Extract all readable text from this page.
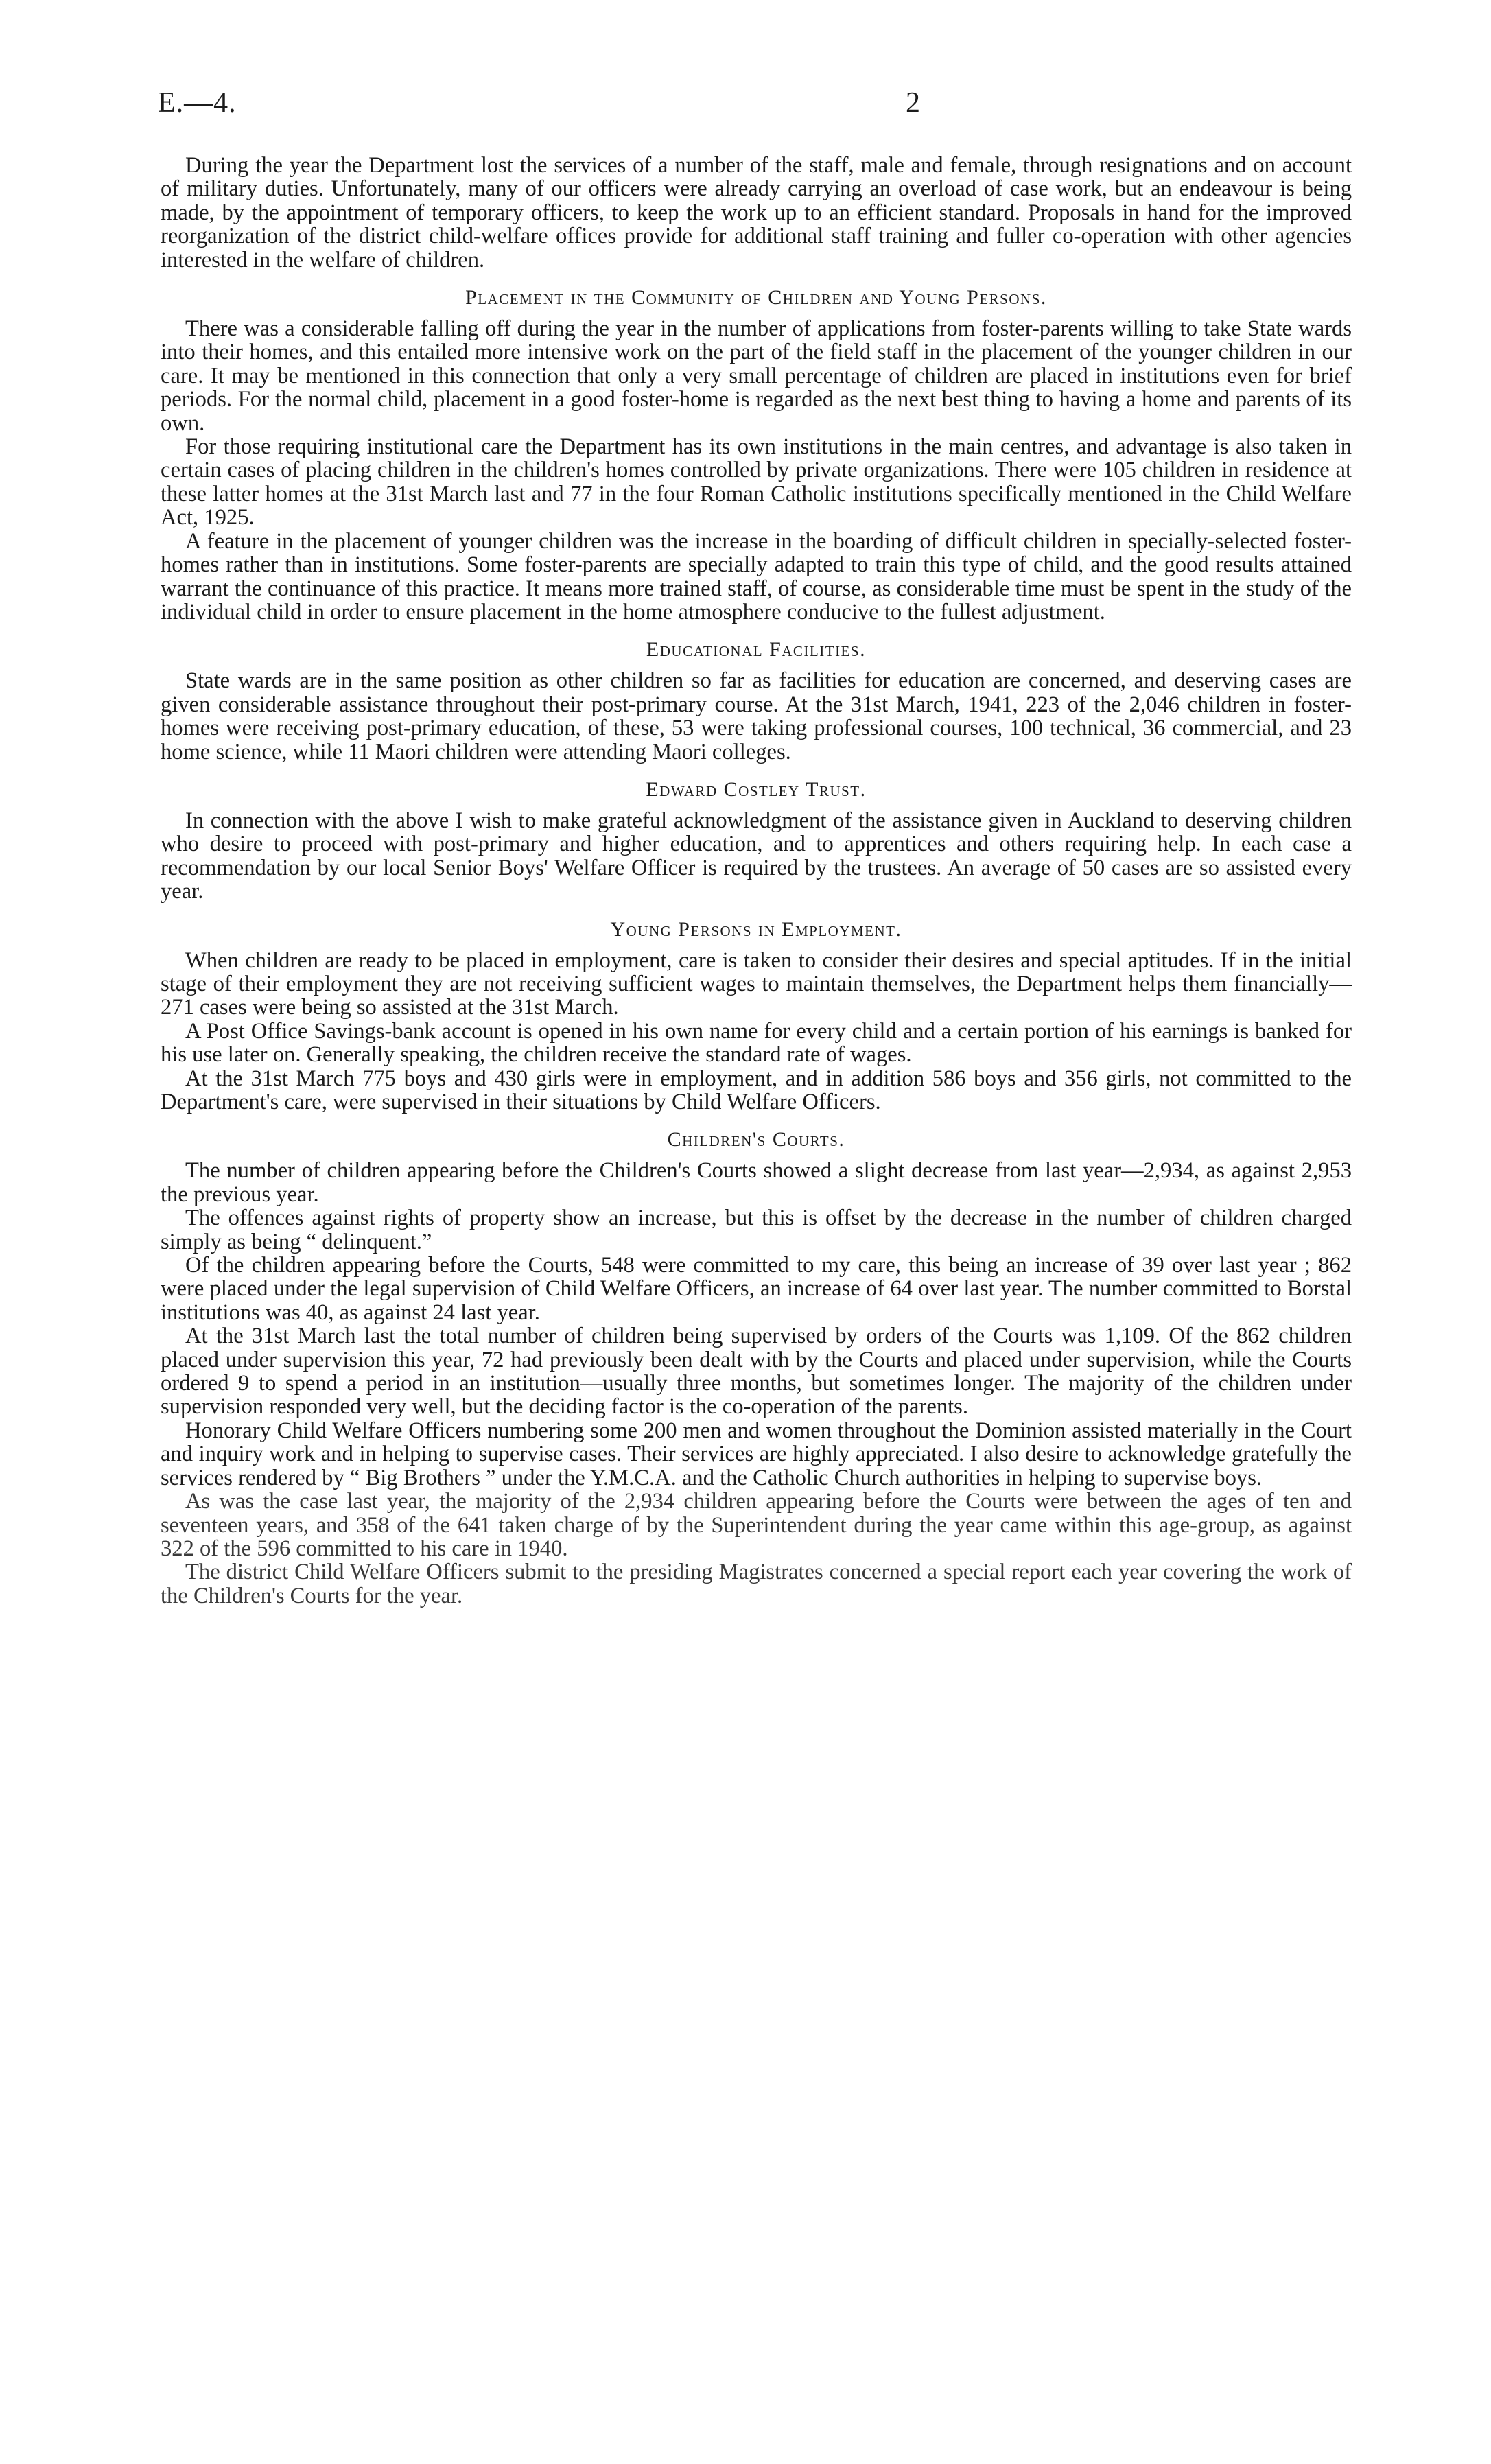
E.—4.	2

During the year the Department lost the services of a number of the staff, male and female, through resignations and on account of military duties. Unfortunately, many of our officers were already carrying an overload of case work, but an endeavour is being made, by the appointment of temporary officers, to keep the work up to an efficient standard. Proposals in hand for the improved reorganization of the district child-welfare offices provide for additional staff training and fuller co-operation with other agencies interested in the welfare of children.

Placement in the Community of Children and Young Persons.

There was a considerable falling off during the year in the number of applications from foster-parents willing to take State wards into their homes, and this entailed more intensive work on the part of the field staff in the placement of the younger children in our care. It may be mentioned in this connection that only a very small percentage of children are placed in institutions even for brief periods. For the normal child, placement in a good foster-home is regarded as the next best thing to having a home and parents of its own.

For those requiring institutional care the Department has its own institutions in the main centres, and advantage is also taken in certain cases of placing children in the children's homes controlled by private organizations. There were 105 children in residence at these latter homes at the 31st March last and 77 in the four Roman Catholic institutions specifically mentioned in the Child Welfare Act, 1925.

A feature in the placement of younger children was the increase in the boarding of difficult children in specially-selected foster-homes rather than in institutions. Some foster-parents are specially adapted to train this type of child, and the good results attained warrant the continuance of this practice. It means more trained staff, of course, as considerable time must be spent in the study of the individual child in order to ensure placement in the home atmosphere conducive to the fullest adjustment.

Educational Facilities.

State wards are in the same position as other children so far as facilities for education are concerned, and deserving cases are given considerable assistance throughout their post-primary course. At the 31st March, 1941, 223 of the 2,046 children in foster-homes were receiving post-primary education, of these, 53 were taking professional courses, 100 technical, 36 commercial, and 23 home science, while 11 Maori children were attending Maori colleges.

Edward Costley Trust.

In connection with the above I wish to make grateful acknowledgment of the assistance given in Auckland to deserving children who desire to proceed with post-primary and higher education, and to apprentices and others requiring help. In each case a recommendation by our local Senior Boys' Welfare Officer is required by the trustees. An average of 50 cases are so assisted every year.

Young Persons in Employment.

When children are ready to be placed in employment, care is taken to consider their desires and special aptitudes. If in the initial stage of their employment they are not receiving sufficient wages to maintain themselves, the Department helps them financially—271 cases were being so assisted at the 31st March.

A Post Office Savings-bank account is opened in his own name for every child and a certain portion of his earnings is banked for his use later on. Generally speaking, the children receive the standard rate of wages.

At the 31st March 775 boys and 430 girls were in employment, and in addition 586 boys and 356 girls, not committed to the Department's care, were supervised in their situations by Child Welfare Officers.

Children's Courts.

The number of children appearing before the Children's Courts showed a slight decrease from last year—2,934, as against 2,953 the previous year.

The offences against rights of property show an increase, but this is offset by the decrease in the number of children charged simply as being “ delinquent.”

Of the children appearing before the Courts, 548 were committed to my care, this being an increase of 39 over last year ; 862 were placed under the legal supervision of Child Welfare Officers, an increase of 64 over last year. The number committed to Borstal institutions was 40, as against 24 last year.

At the 31st March last the total number of children being supervised by orders of the Courts was 1,109. Of the 862 children placed under supervision this year, 72 had previously been dealt with by the Courts and placed under supervision, while the Courts ordered 9 to spend a period in an institution—usually three months, but sometimes longer. The majority of the children under supervision responded very well, but the deciding factor is the co-operation of the parents.

Honorary Child Welfare Officers numbering some 200 men and women throughout the Dominion assisted materially in the Court and inquiry work and in helping to supervise cases. Their services are highly appreciated. I also desire to acknowledge gratefully the services rendered by “ Big Brothers ” under the Y.M.C.A. and the Catholic Church authorities in helping to supervise boys.

As was the case last year, the majority of the 2,934 children appearing before the Courts were between the ages of ten and seventeen years, and 358 of the 641 taken charge of by the Superintendent during the year came within this age-group, as against 322 of the 596 committed to his care in 1940.

The district Child Welfare Officers submit to the presiding Magistrates concerned a special report each year covering the work of the Children's Courts for the year.
